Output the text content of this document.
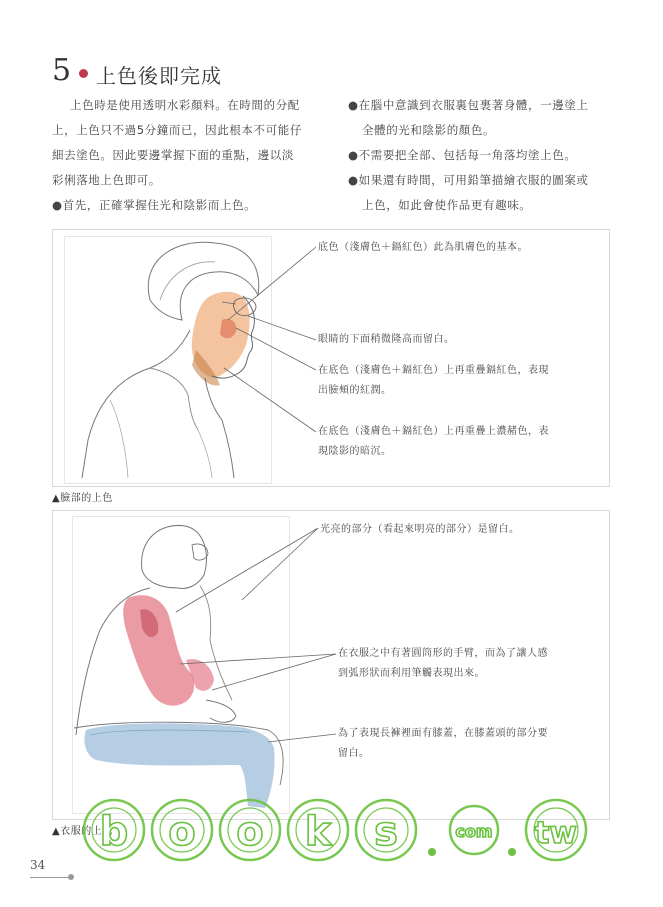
5 上色後即完成

上色時是使用透明水彩顏料。在時間的分配

上，上色只不過5分鐘而已，因此根本不可能仔

細去塗色。因此要邊掌握下面的重點，邊以淡

彩俐落地上色即可。

●首先，正確掌握住光和陰影而上色。

●在腦中意識到衣服裏包裹著身體，一邊塗上

全體的光和陰影的顏色。

●不需要把全部、包括每一角落均塗上色。

●如果還有時間，可用鉛筆描繪衣服的圖案或

上色，如此會使作品更有趣味。

底色（淺膚色＋鎘紅色）此為肌膚色的基本。
眼睛的下面稍微隆高而留白。
在底色（淺膚色＋鎘紅色）上再重疊鎘紅色，表現
出臉頰的紅潤。
在底色（淺膚色＋鎘紅色）上再重疊上濃赭色，表
現陰影的暗沉。
▲臉部的上色
光亮的部分（看起來明亮的部分）是留白。
在衣服之中有著圓筒形的手臂，而為了讓人感
到弧形狀而利用筆觸表現出來。
為了表現長褲裡面有膝蓋，在膝蓋頭的部分要
留白。
▲衣服的上色
b o o k s	com tw
34
